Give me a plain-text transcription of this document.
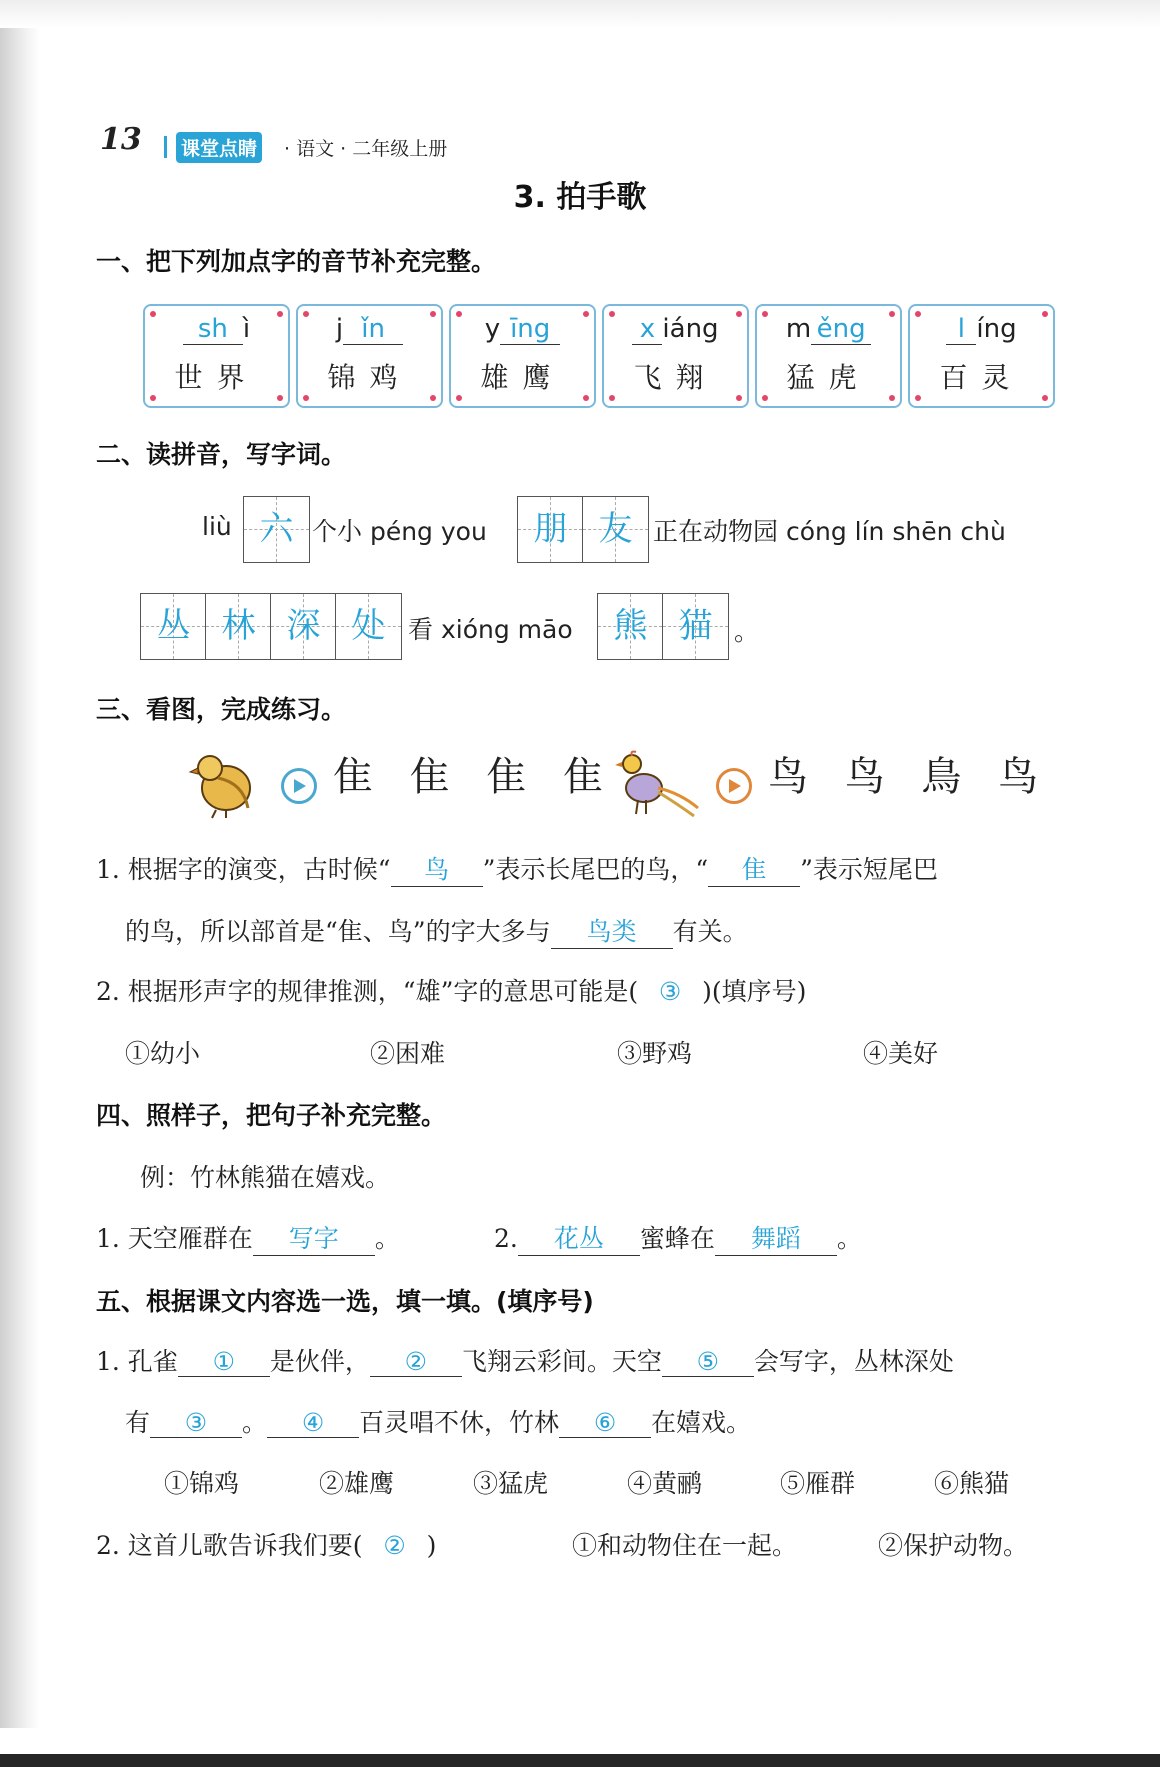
13 课堂点睛 · 语文 · 二年级上册
3. 拍手歌
一、把下列加点字的音节补充完整。
sh ì
世界
j ǐn
锦鸡
y īng
雄鹰
x iáng
飞翔
m ěng
猛虎
l íng
百灵
二、读拼音，写字词。
liù 六 个小 péng you	朋 友 正在动物园 cóng lín shēn chù
丛 林 深 处 看 xióng māo	熊 猫 。
三、看图，完成练习。
隹 隹 隹 隹	鸟 鸟 鳥 鸟
1. 根据字的演变，古时候“ 鸟 ”表示长尾巴的鸟，“ 隹 ”表示短尾巴
的鸟，所以部首是“隹、鸟”的字大多与 鸟类 有关。
2. 根据形声字的规律推测，“雄”字的意思可能是( ③ )(填序号)
①幼小	②困难	③野鸡	④美好
四、照样子，把句子补充完整。
例：竹林熊猫在嬉戏。
1. 天空雁群在 写字 。	2. 花丛 蜜蜂在 舞蹈 。
五、根据课文内容选一选，填一填。(填序号)
1. 孔雀 ① 是伙伴， ② 飞翔云彩间。天空 ⑤ 会写字，丛林深处
有 ③ 。 ④ 百灵唱不休，竹林 ⑥ 在嬉戏。
①锦鸡	②雄鹰	③猛虎	④黄鹂	⑤雁群	⑥熊猫
2. 这首儿歌告诉我们要( ② )	①和动物住在一起。	②保护动物。
